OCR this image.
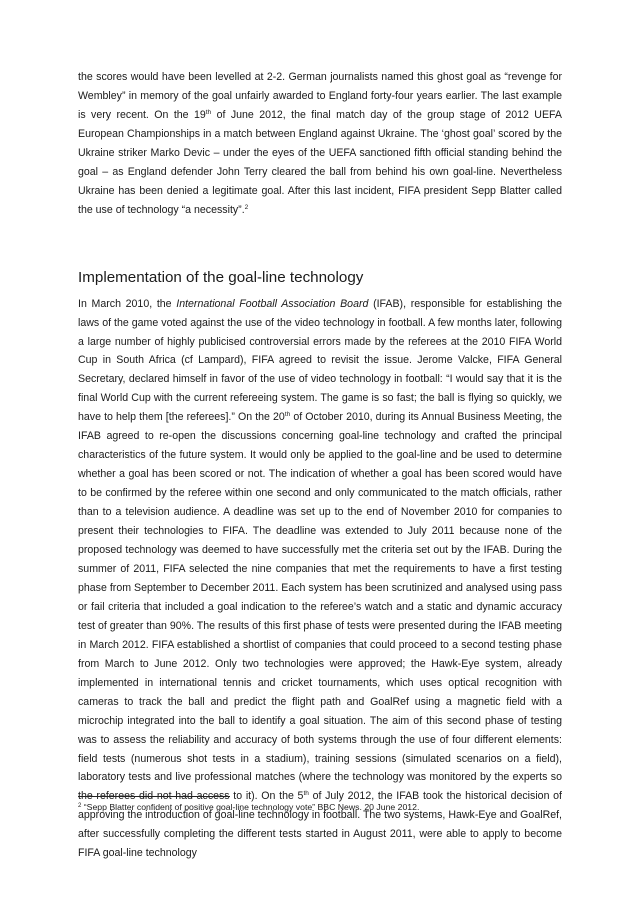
the scores would have been levelled at 2-2. German journalists named this ghost goal as “revenge for Wembley” in memory of the goal unfairly awarded to England forty-four years earlier. The last example is very recent. On the 19th of June 2012, the final match day of the group stage of 2012 UEFA European Championships in a match between England against Ukraine. The ‘ghost goal’ scored by the Ukraine striker Marko Devic – under the eyes of the UEFA sanctioned fifth official standing behind the goal – as England defender John Terry cleared the ball from behind his own goal-line. Nevertheless Ukraine has been denied a legitimate goal. After this last incident, FIFA president Sepp Blatter called the use of technology “a necessity”.$^2$

Implementation of the goal-line technology

In March 2010, the International Football Association Board (IFAB), responsible for establishing the laws of the game voted against the use of the video technology in football. A few months later, following a large number of highly publicised controversial errors made by the referees at the 2010 FIFA World Cup in South Africa (cf Lampard), FIFA agreed to revisit the issue. Jerome Valcke, FIFA General Secretary, declared himself in favor of the use of video technology in football: “I would say that it is the final World Cup with the current refereeing system. The game is so fast; the ball is flying so quickly, we have to help them [the referees].” On the 20th of October 2010, during its Annual Business Meeting, the IFAB agreed to re-open the discussions concerning goal-line technology and crafted the principal characteristics of the future system. It would only be applied to the goal-line and be used to determine whether a goal has been scored or not. The indication of whether a goal has been scored would have to be confirmed by the referee within one second and only communicated to the match officials, rather than to a television audience. A deadline was set up to the end of November 2010 for companies to present their technologies to FIFA. The deadline was extended to July 2011 because none of the proposed technology was deemed to have successfully met the criteria set out by the IFAB. During the summer of 2011, FIFA selected the nine companies that met the requirements to have a first testing phase from September to December 2011. Each system has been scrutinized and analysed using pass or fail criteria that included a goal indication to the referee’s watch and a static and dynamic accuracy test of greater than 90%. The results of this first phase of tests were presented during the IFAB meeting in March 2012. FIFA established a shortlist of companies that could proceed to a second testing phase from March to June 2012. Only two technologies were approved; the Hawk-Eye system, already implemented in international tennis and cricket tournaments, which uses optical recognition with cameras to track the ball and predict the flight path and GoalRef using a magnetic field with a microchip integrated into the ball to identify a goal situation. The aim of this second phase of testing was to assess the reliability and accuracy of both systems through the use of four different elements: field tests (numerous shot tests in a stadium), training sessions (simulated scenarios on a field), laboratory tests and live professional matches (where the technology was monitored by the experts so the referees did not had access to it). On the 5th of July 2012, the IFAB took the historical decision of approving the introduction of goal-line technology in football. The two systems, Hawk-Eye and GoalRef, after successfully completing the different tests started in August 2011, were able to apply to become FIFA goal-line technology

$^2$ “Sepp Blatter confident of positive goal-line technology vote” BBC News. 20 June 2012.
